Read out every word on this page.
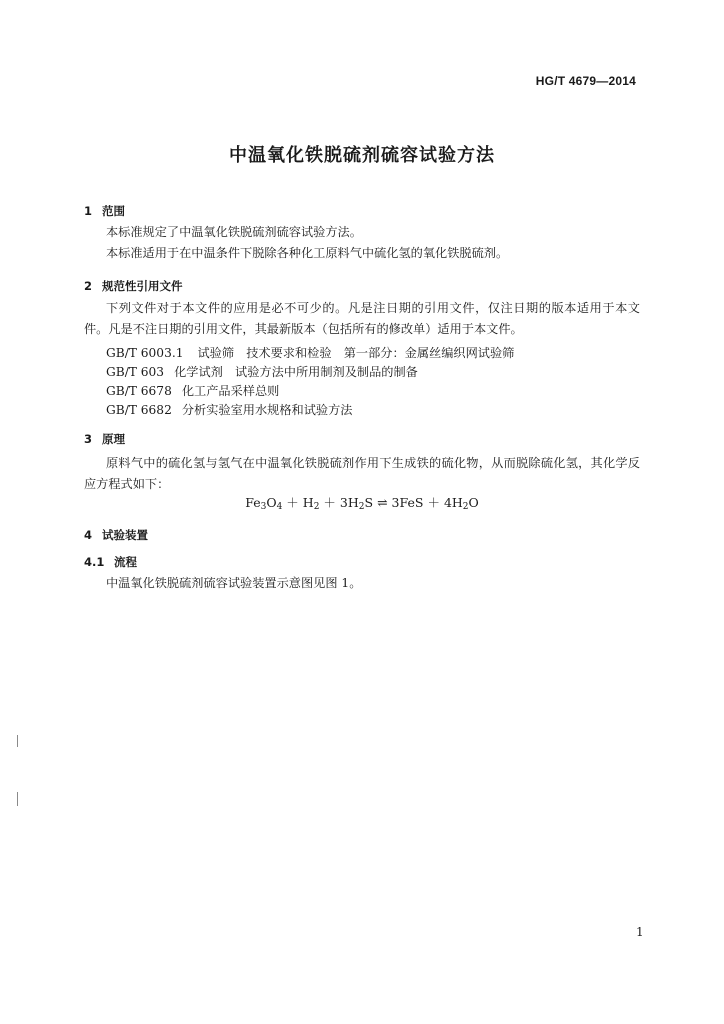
HG/T 4679—2014
中温氧化铁脱硫剂硫容试验方法
1 范围
本标准规定了中温氧化铁脱硫剂硫容试验方法。
本标准适用于在中温条件下脱除各种化工原料气中硫化氢的氧化铁脱硫剂。
2 规范性引用文件
下列文件对于本文件的应用是必不可少的。凡是注日期的引用文件，仅注日期的版本适用于本文件。凡是不注日期的引用文件，其最新版本（包括所有的修改单）适用于本文件。
GB/T 6003.1 试验筛　技术要求和检验　第一部分：金属丝编织网试验筛
GB/T 603 化学试剂　试验方法中所用制剂及制品的制备
GB/T 6678 化工产品采样总则
GB/T 6682 分析实验室用水规格和试验方法
3 原理
原料气中的硫化氢与氢气在中温氧化铁脱硫剂作用下生成铁的硫化物，从而脱除硫化氢，其化学反应方程式如下：
$Fe_3O_4 + H_2 + 3H_2S$ ⇌ $3FeS + 4H_2O$
4 试验装置
4.1 流程
中温氧化铁脱硫剂硫容试验装置示意图见图 1。
1
